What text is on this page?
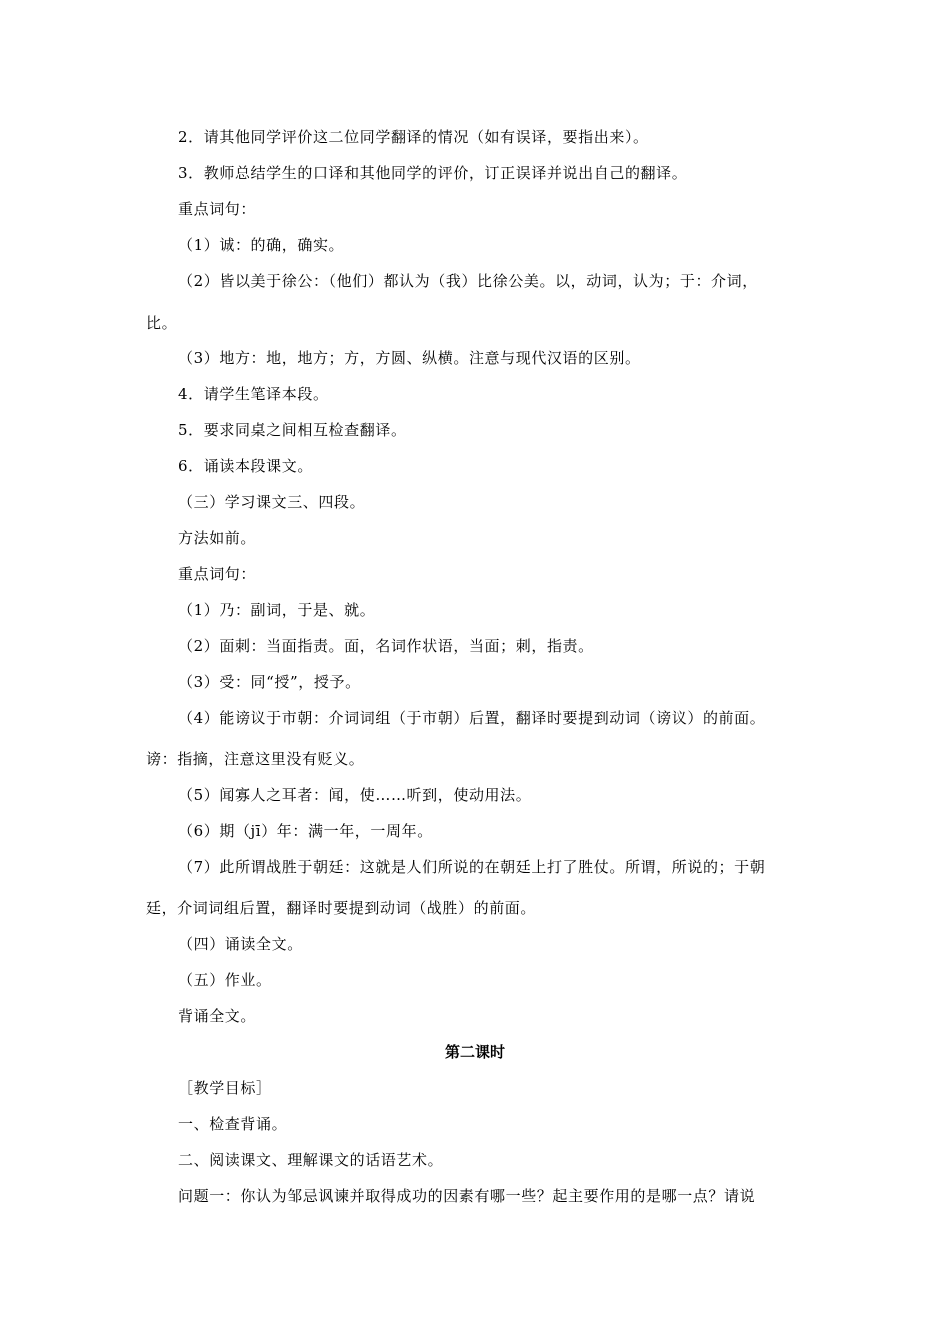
2．请其他同学评价这二位同学翻译的情况（如有误译，要指出来）。
3．教师总结学生的口译和其他同学的评价，订正误译并说出自己的翻译。
重点词句：
（1）诚：的确，确实。
（2）皆以美于徐公：（他们）都认为（我）比徐公美。以，动词，认为；于：介词，
比。
（3）地方：地，地方；方，方圆、纵横。注意与现代汉语的区别。
4．请学生笔译本段。
5．要求同桌之间相互检查翻译。
6．诵读本段课文。
（三）学习课文三、四段。
方法如前。
重点词句：
（1）乃：副词，于是、就。
（2）面刺：当面指责。面，名词作状语，当面；刺，指责。
（3）受：同“授”，授予。
（4）能谤议于市朝：介词词组（于市朝）后置，翻译时要提到动词（谤议）的前面。
谤：指摘，注意这里没有贬义。
（5）闻寡人之耳者：闻，使……听到，使动用法。
（6）期（jī）年：满一年，一周年。
（7）此所谓战胜于朝廷：这就是人们所说的在朝廷上打了胜仗。所谓，所说的；于朝
廷，介词词组后置，翻译时要提到动词（战胜）的前面。
（四）诵读全文。
（五）作业。
背诵全文。
第二课时
［教学目标］
一、检查背诵。
二、阅读课文、理解课文的话语艺术。
问题一：你认为邹忌讽谏并取得成功的因素有哪一些？起主要作用的是哪一点？请说
